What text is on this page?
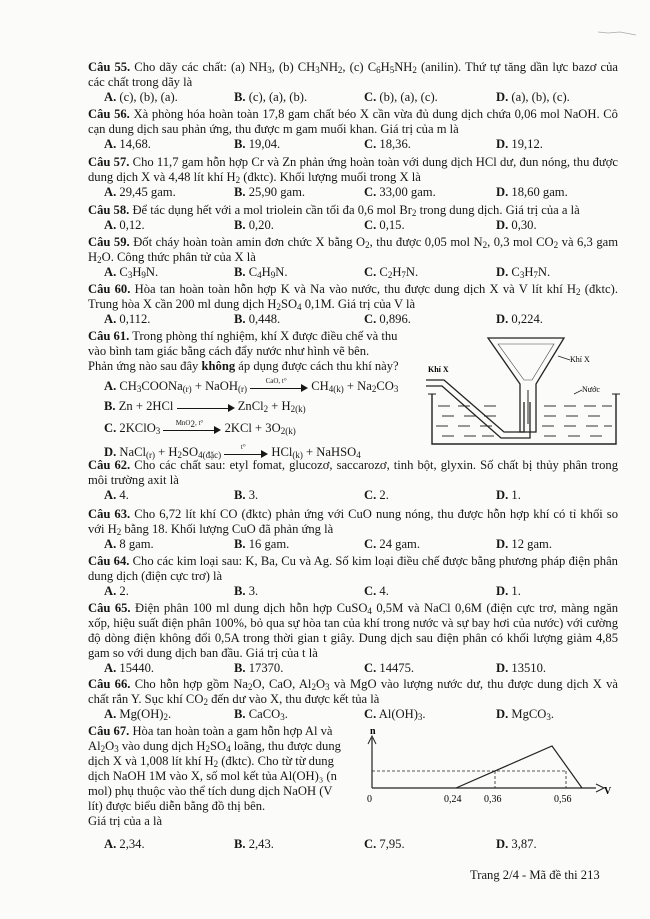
Câu 55. Cho dãy các chất: (a) $NH_3$, (b) $CH_3NH_2$, (c) $C_6H_5NH_2$ (anilin). Thứ tự tăng dần lực bazơ của các chất trong dãy là
A. (c), (b), (a).	B. (c), (a), (b).	C. (b), (a), (c).	D. (a), (b), (c).
Câu 56. Xà phòng hóa hoàn toàn 17,8 gam chất béo X cần vừa đủ dung dịch chứa 0,06 mol NaOH. Cô cạn dung dịch sau phản ứng, thu được m gam muối khan. Giá trị của m là
A. 14,68.	B. 19,04.	C. 18,36.	D. 19,12.
Câu 57. Cho 11,7 gam hỗn hợp Cr và Zn phản ứng hoàn toàn với dung dịch HCl dư, đun nóng, thu được dung dịch X và 4,48 lít khí $H_2$ (đktc). Khối lượng muối trong X là
A. 29,45 gam.	B. 25,90 gam.	C. 33,00 gam.	D. 18,60 gam.
Câu 58. Để tác dụng hết với a mol triolein cần tối đa 0,6 mol $Br_2$ trong dung dịch. Giá trị của a là
A. 0,12.	B. 0,20.	C. 0,15.	D. 0,30.
Câu 59. Đốt cháy hoàn toàn amin đơn chức X bằng $O_2$, thu được 0,05 mol $N_2$, 0,3 mol $CO_2$ và 6,3 gam $H_2O$. Công thức phân tử của X là
A. $C_3H_9N$.	B. $C_4H_9N$.	C. $C_2H_7N$.	D. $C_3H_7N$.
Câu 60. Hòa tan hoàn toàn hỗn hợp K và Na vào nước, thu được dung dịch X và V lít khí $H_2$ (đktc). Trung hòa X cần 200 ml dung dịch $H_2SO_4$ 0,1M. Giá trị của V là
A. 0,112.	B. 0,448.	C. 0,896.	D. 0,224.
Câu 61. Trong phòng thí nghiệm, khí X được điều chế và thu
vào bình tam giác bằng cách đẩy nước như hình vẽ bên.
Phản ứng nào sau đây không áp dụng được cách thu khí này?
A. $CH_3COONa_{(r)}$ + NaOH$_{(r)}$
CaO, t°	$CH_{4(k)} + Na_2CO_3$
B. Zn + 2HCl	ZnCl$_2$ + $H_{2(k)}$
C. 2KClO$_3$
MnO$_2$, t°	$2KCl + 3O_{2(k)}$
D. NaCl$_{(r)}$ + $H_2SO_{4(đặc)}$
t°	HCl$_{(k)}$ + NaHSO$_4$
Khí X
Khí X
Nước
Câu 62. Cho các chất sau: etyl fomat, glucozơ, saccarozơ, tinh bột, glyxin. Số chất bị thủy phân trong môi trường axit là
A. 4.	B. 3.	C. 2.	D. 1.
Câu 63. Cho 6,72 lít khí CO (đktc) phản ứng với CuO nung nóng, thu được hỗn hợp khí có tỉ khối so với $H_2$ bằng 18. Khối lượng CuO đã phản ứng là
A. 8 gam.	B. 16 gam.	C. 24 gam.	D. 12 gam.
Câu 64. Cho các kim loại sau: K, Ba, Cu và Ag. Số kim loại điều chế được bằng phương pháp điện phân dung dịch (điện cực trơ) là
A. 2.	B. 3.	C. 4.	D. 1.
Câu 65. Điện phân 100 ml dung dịch hỗn hợp CuSO$_4$ 0,5M và NaCl 0,6M (điện cực trơ, màng ngăn xốp, hiệu suất điện phân 100%, bỏ qua sự hòa tan của khí trong nước và sự bay hơi của nước) với cường độ dòng điện không đổi 0,5A trong thời gian t giây. Dung dịch sau điện phân có khối lượng giảm 4,85 gam so với dung dịch ban đầu. Giá trị của t là
A. 15440.	B. 17370.	C. 14475.	D. 13510.
Câu 66. Cho hỗn hợp gồm $Na_2O$, CaO, $Al_2O_3$ và MgO vào lượng nước dư, thu được dung dịch X và chất rắn Y. Sục khí $CO_2$ đến dư vào X, thu được kết tủa là
A. $Mg(OH)_2$.	B. CaCO$_3$.	C. $Al(OH)_3$.	D. MgCO$_3$.
Câu 67. Hòa tan hoàn toàn a gam hỗn hợp Al và
$Al_2O_3$ vào dung dịch $H_2SO_4$ loãng, thu được dung
dịch X và 1,008 lít khí $H_2$ (đktc). Cho từ từ dung
dịch NaOH 1M vào X, số mol kết tủa Al(OH)₃ (n
mol) phụ thuộc vào thể tích dung dịch NaOH (V
lít) được biểu diễn bằng đồ thị bên.
Giá trị của a là
A. 2,34.	B. 2,43.	C. 7,95.	D. 3,87.
n
V
0	0,24 0,36	0,56
Trang 2/4 - Mã đề thi 213
